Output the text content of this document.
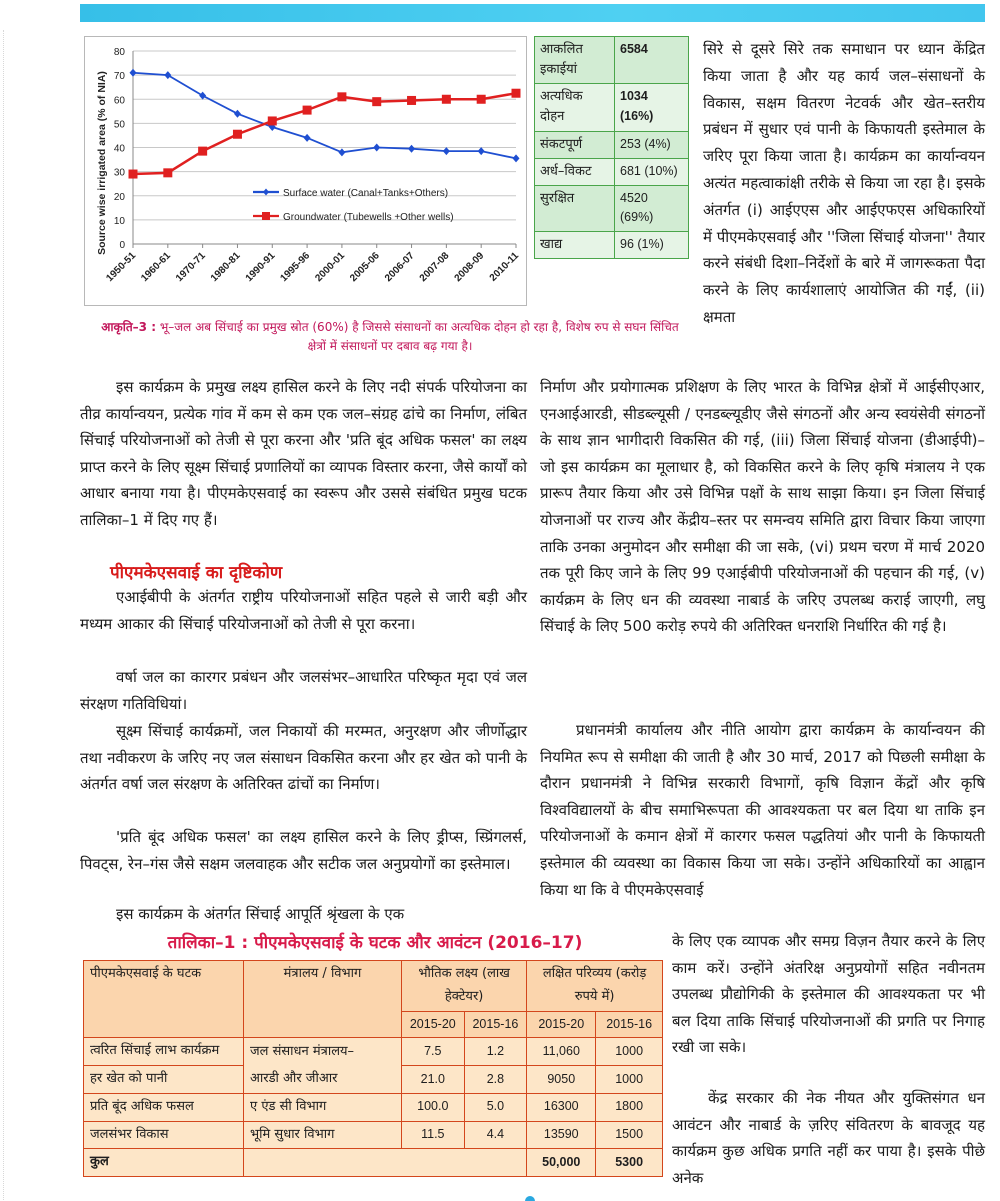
Source wise irrigated area (% of NIA) 0
10
20
30
40
50
60
70
80
1950-51 1960-61 1970-71 1980-81 1990-91 1995-96 2000-01 2005-06 2006-07 2007-08 2008-09 2010-11
Surface water (Canal+Tanks+Others)
Groundwater (Tubewells +Other wells)
आकलित इकाईयां	6584
अत्यधिक दोहन	1034 (16%)
संकटपूर्ण	253 (4%)
अर्ध–विकट	681 (10%)
सुरक्षित	4520 (69%)
खाद्य	96 (1%)
आकृति–3 : भू–जल अब सिंचाई का प्रमुख स्रोत (60%) है जिससे संसाधनों का अत्यधिक दोहन हो रहा है, विशेष रुप से सघन सिंचित क्षेत्रों में संसाधनों पर दबाव बढ़ गया है।

सिरे से दूसरे सिरे तक समाधान पर ध्यान केंद्रित किया जाता है और यह कार्य जल–संसाधनों के विकास, सक्षम वितरण नेटवर्क और खेत–स्तरीय प्रबंधन में सुधार एवं पानी के किफायती इस्तेमाल के जरिए पूरा किया जाता है। कार्यक्रम का कार्यान्वयन अत्यंत महत्वाकांक्षी तरीके से किया जा रहा है। इसके अंतर्गत (i) आईएएस और आईएफएस अधिकारियों में पीएमकेएसवाई और ''जिला सिंचाई योजना'' तैयार करने संबंधी दिशा–निर्देशों के बारे में जागरूकता पैदा करने के लिए कार्यशालाएं आयोजित की गईं, (ii) क्षमता

इस कार्यक्रम के प्रमुख लक्ष्य हासिल करने के लिए नदी संपर्क परियोजना का तीव्र कार्यान्वयन, प्रत्येक गांव में कम से कम एक जल–संग्रह ढांचे का निर्माण, लंबित सिंचाई परियोजनाओं को तेजी से पूरा करना और 'प्रति बूंद अधिक फसल' का लक्ष्य प्राप्त करने के लिए सूक्ष्म सिंचाई प्रणालियों का व्यापक विस्तार करना, जैसे कार्यों को आधार बनाया गया है। पीएमकेएसवाई का स्वरूप और उससे संबंधित प्रमुख घटक तालिका–1 में दिए गए हैं।

पीएमकेएसवाई का दृष्टिकोण

एआईबीपी के अंतर्गत राष्ट्रीय परियोजनाओं सहित पहले से जारी बड़ी और मध्यम आकार की सिंचाई परियोजनाओं को तेजी से पूरा करना।

वर्षा जल का कारगर प्रबंधन और जलसंभर–आधारित परिष्कृत मृदा एवं जल संरक्षण गतिविधियां।

सूक्ष्म सिंचाई कार्यक्रमों, जल निकायों की मरम्मत, अनुरक्षण और जीर्णोद्धार तथा नवीकरण के जरिए नए जल संसाधन विकसित करना और हर खेत को पानी के अंतर्गत वर्षा जल संरक्षण के अतिरिक्त ढांचों का निर्माण।

'प्रति बूंद अधिक फसल' का लक्ष्य हासिल करने के लिए ड्रीप्स, स्प्रिंगलर्स, पिवट्स, रेन–गंस जैसे सक्षम जलवाहक और सटीक जल अनुप्रयोगों का इस्तेमाल।

इस कार्यक्रम के अंतर्गत सिंचाई आपूर्ति श्रृंखला के एक

निर्माण और प्रयोगात्मक प्रशिक्षण के लिए भारत के विभिन्न क्षेत्रों में आईसीएआर, एनआईआरडी, सीडब्ल्यूसी / एनडब्ल्यूडीए जैसे संगठनों और अन्य स्वयंसेवी संगठनों के साथ ज्ञान भागीदारी विकसित की गई, (iii) जिला सिंचाई योजना (डीआईपी)–जो इस कार्यक्रम का मूलाधार है, को विकसित करने के लिए कृषि मंत्रालय ने एक प्रारूप तैयार किया और उसे विभिन्न पक्षों के साथ साझा किया। इन जिला सिंचाई योजनाओं पर राज्य और केंद्रीय–स्तर पर समन्वय समिति द्वारा विचार किया जाएगा ताकि उनका अनुमोदन और समीक्षा की जा सके, (vi) प्रथम चरण में मार्च 2020 तक पूरी किए जाने के लिए 99 एआईबीपी परियोजनाओं की पहचान की गई, (v) कार्यक्रम के लिए धन की व्यवस्था नाबार्ड के जरिए उपलब्ध कराई जाएगी, लघु सिंचाई के लिए 500 करोड़ रुपये की अतिरिक्त धनराशि निर्धारित की गई है।

प्रधानमंत्री कार्यालय और नीति आयोग द्वारा कार्यक्रम के कार्यान्वयन की नियमित रूप से समीक्षा की जाती है और 30 मार्च, 2017 को पिछली समीक्षा के दौरान प्रधानमंत्री ने विभिन्न सरकारी विभागों, कृषि विज्ञान केंद्रों और कृषि विश्वविद्यालयों के बीच समाभिरूपता की आवश्यकता पर बल दिया था ताकि इन परियोजनाओं के कमान क्षेत्रों में कारगर फसल पद्धतियां और पानी के किफायती इस्तेमाल की व्यवस्था का विकास किया जा सके। उन्होंने अधिकारियों का आह्वान किया था कि वे पीएमकेएसवाई

के लिए एक व्यापक और समग्र विज़न तैयार करने के लिए काम करें। उन्होंने अंतरिक्ष अनुप्रयोगों सहित नवीनतम उपलब्ध प्रौद्योगिकी के इस्तेमाल की आवश्यकता पर भी बल दिया ताकि सिंचाई परियोजनाओं की प्रगति पर निगाह रखी जा सके।

केंद्र सरकार की नेक नीयत और युक्तिसंगत धन आवंटन और नाबार्ड के ज़रिए संवितरण के बावजूद यह कार्यक्रम कुछ अधिक प्रगति नहीं कर पाया है। इसके पीछे अनेक

तालिका–1 : पीएमकेएसवाई के घटक और आवंटन (2016–17)
पीएमकेएसवाई के घटक	मंत्रालय / विभाग	भौतिक लक्ष्य (लाख हेक्टेयर)		लक्षित परिव्यय (करोड़ रुपये में)	
		2015-20	2015-16	2015-20	2015-16
त्वरित सिंचाई लाभ कार्यक्रम	जल संसाधन मंत्रालय–	7.5	1.2	11,060	1000
हर खेत को पानी	आरडी और जीआर	21.0	2.8	9050	1000
प्रति बूंद अधिक फसल	ए एंड सी विभाग	100.0	5.0	16300	1800
जलसंभर विकास	भूमि सुधार विभाग	11.5	4.4	13590	1500
कुल				50,000	5300
